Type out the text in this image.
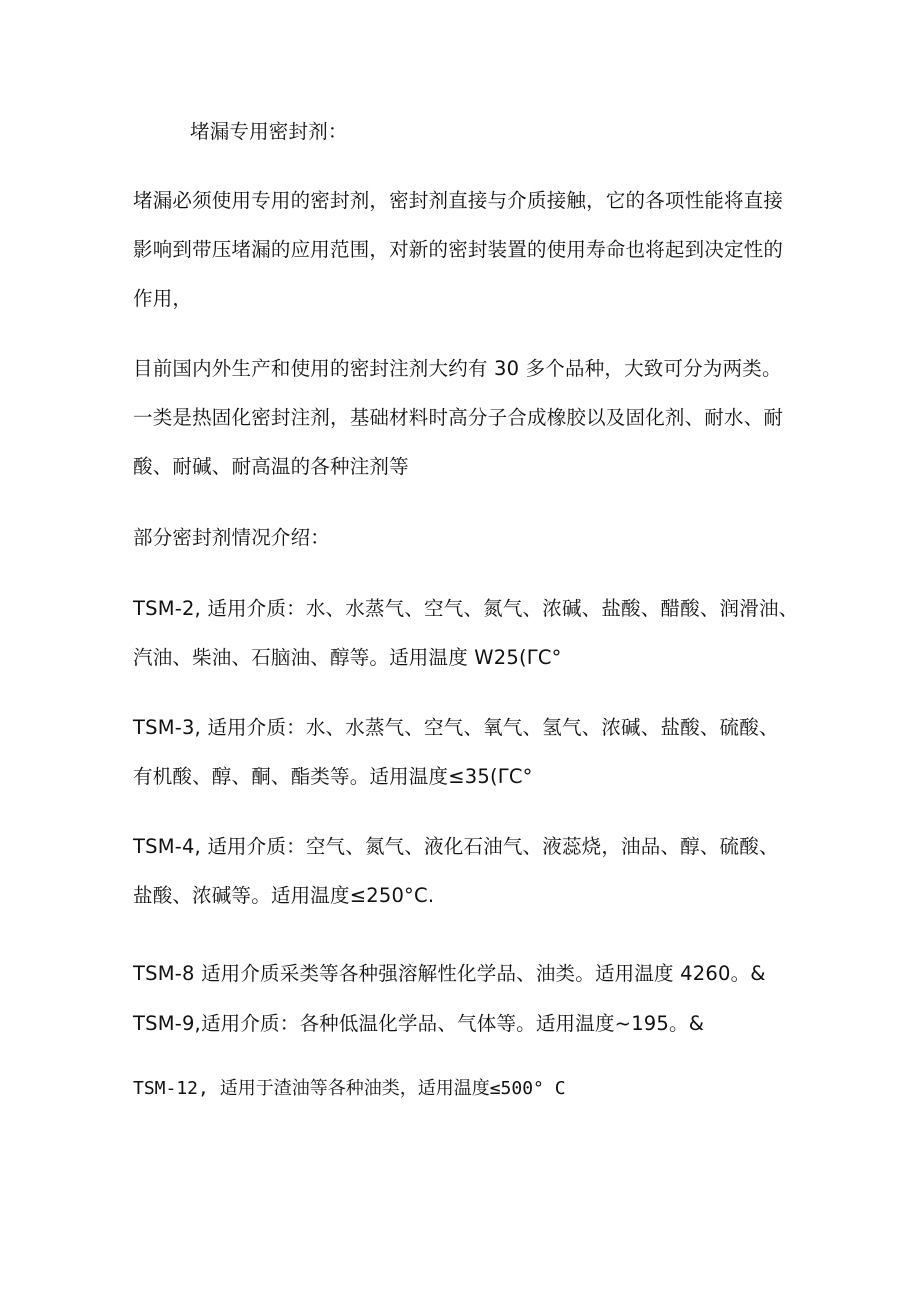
堵漏专用密封剂：
堵漏必须使用专用的密封剂，密封剂直接与介质接触，它的各项性能将直接
影响到带压堵漏的应用范围，对新的密封装置的使用寿命也将起到决定性的
作用，
目前国内外生产和使用的密封注剂大约有 30 多个品种，大致可分为两类。
一类是热固化密封注剂，基础材料时高分子合成橡胶以及固化剂、耐水、耐
酸、耐碱、耐高温的各种注剂等
部分密封剂情况介绍：
TSM-2, 适用介质：水、水蒸气、空气、氮气、浓碱、盐酸、醋酸、润滑油、
汽油、柴油、石脑油、醇等。适用温度 W25(ΓC°
TSM-3, 适用介质：水、水蒸气、空气、氧气、氢气、浓碱、盐酸、硫酸、
有机酸、醇、酮、酯类等。适用温度≤35(ΓC°
TSM-4, 适用介质：空气、氮气、液化石油气、液蕊烧，油品、醇、硫酸、
盐酸、浓碱等。适用温度≤250°C.
TSM-8 适用介质采类等各种强溶解性化学品、油类。适用温度 4260。&
TSM-9,适用介质：各种低温化学品、气体等。适用温度~195。&
TSM-12, 适用于渣油等各种油类，适用温度≤500° C
